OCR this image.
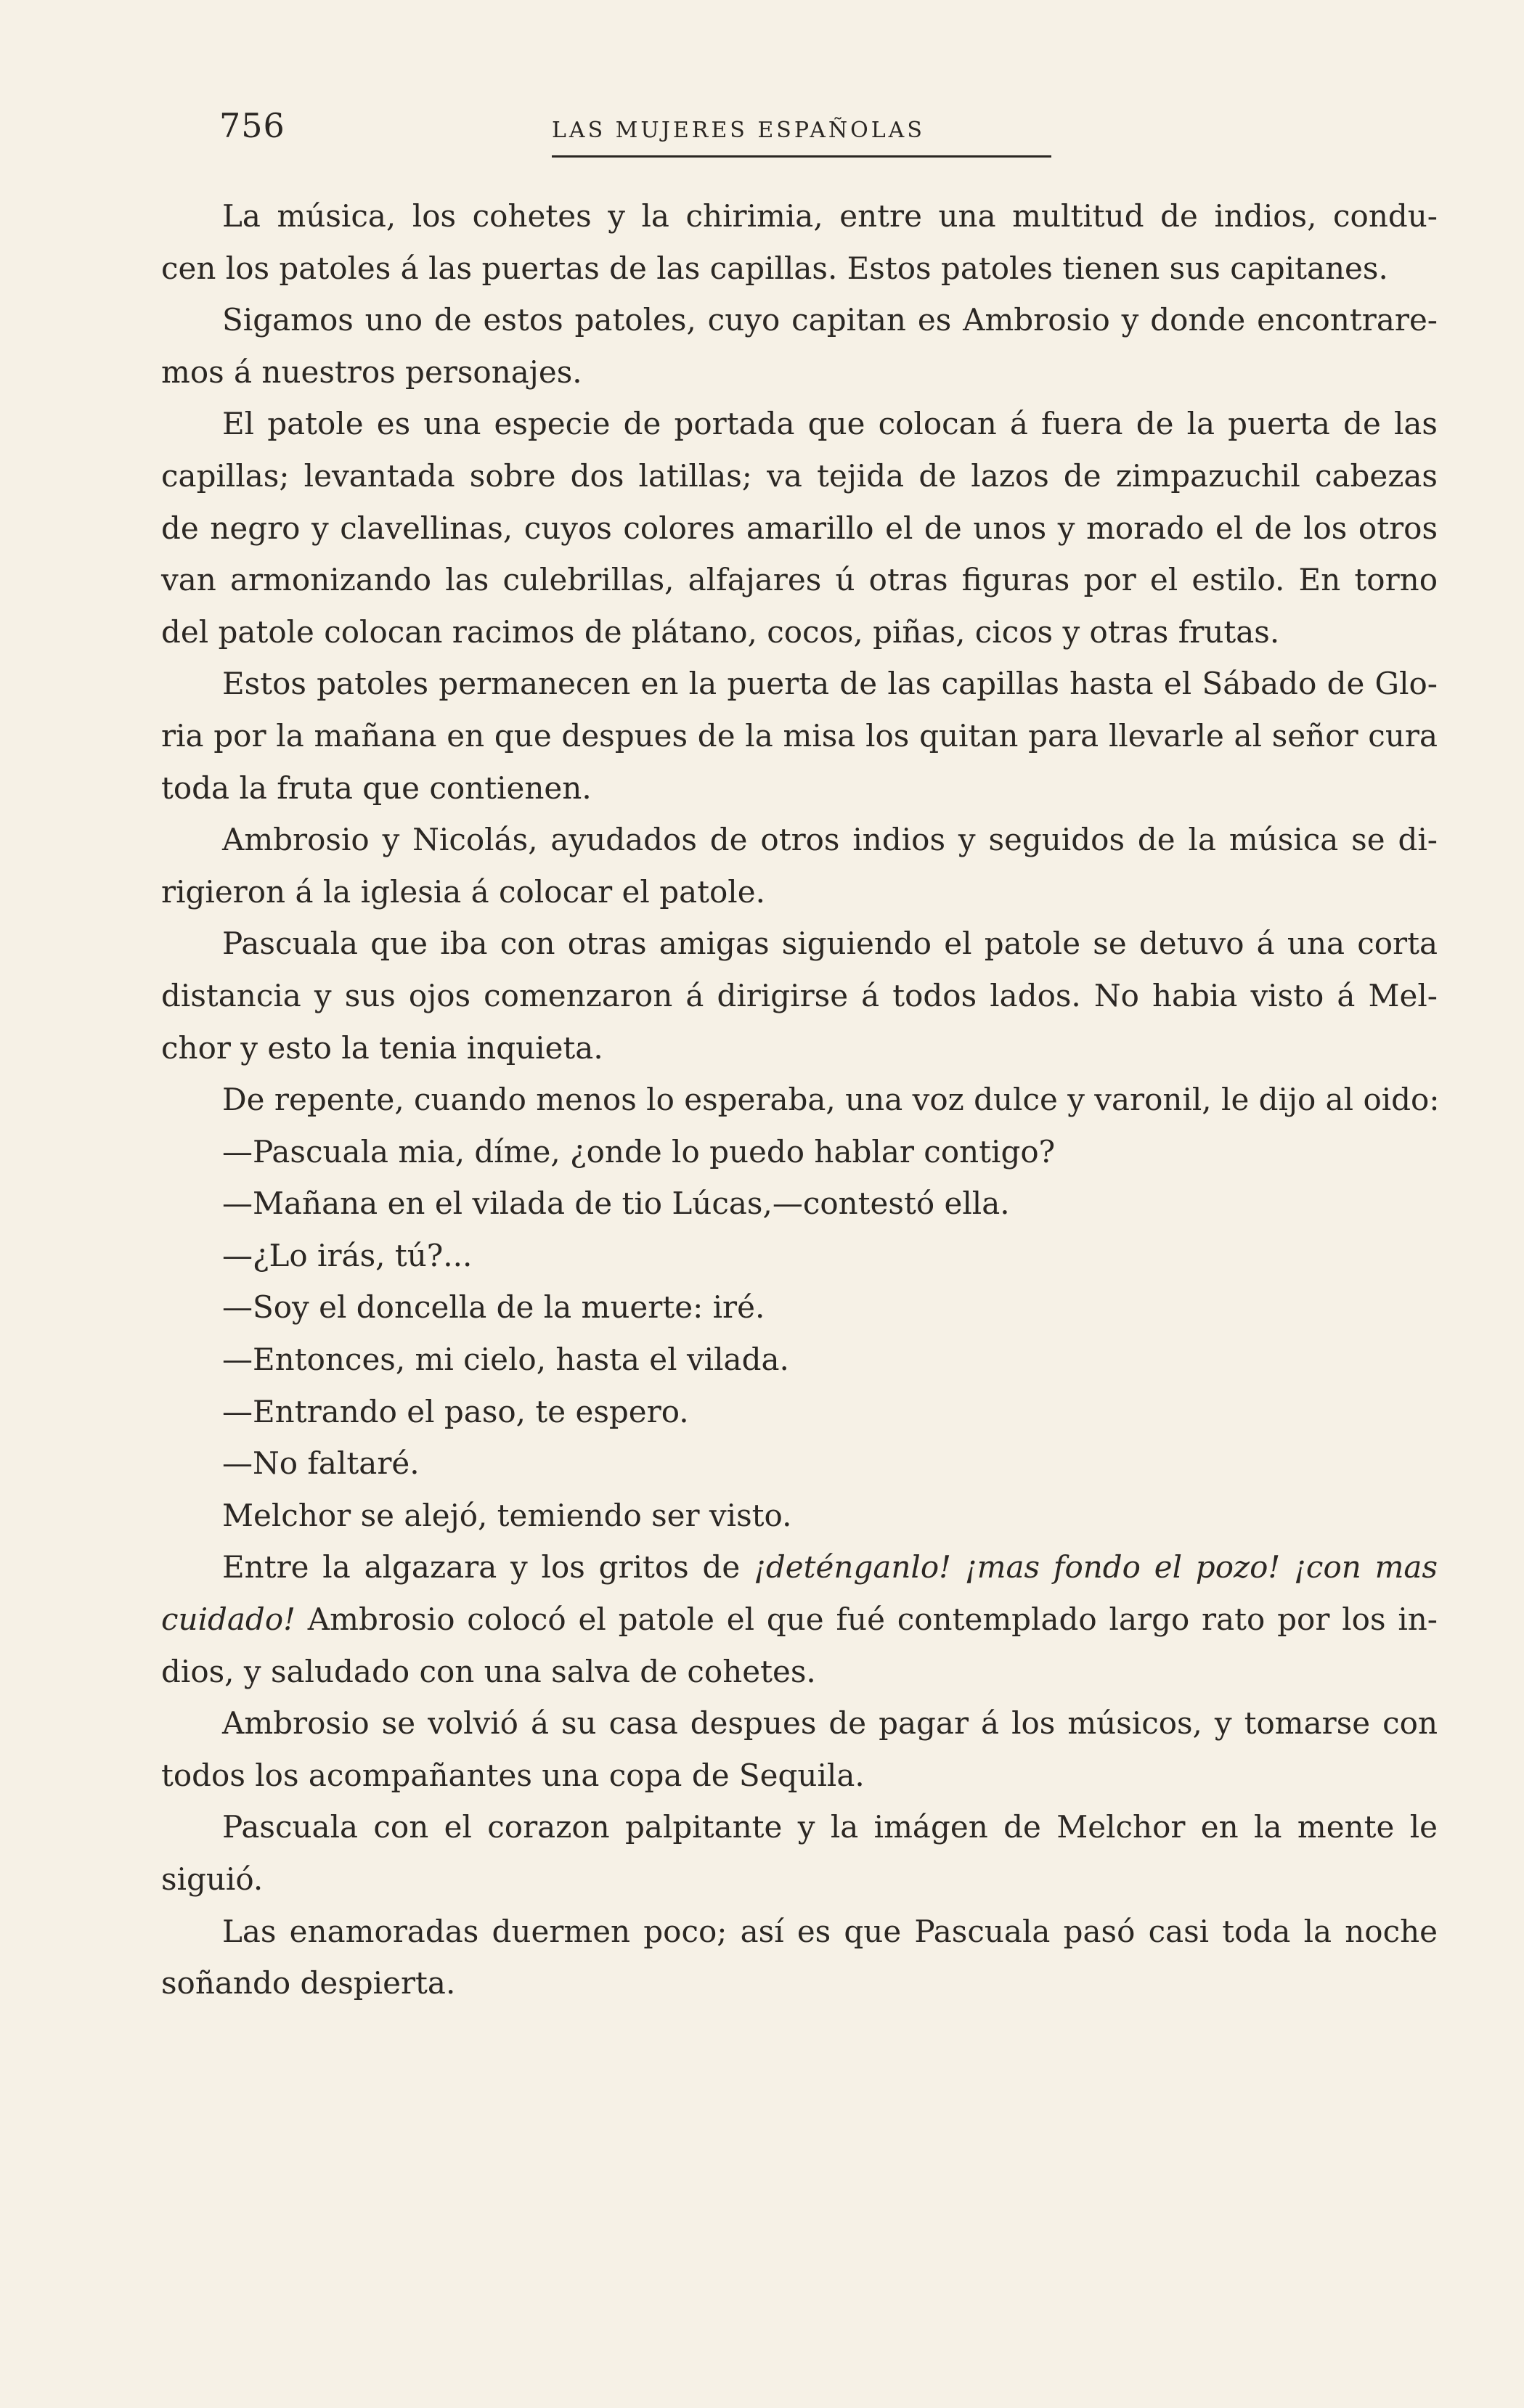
756	LAS MUJERES ESPAÑOLAS
La música, los cohetes y la chirimia, entre una multitud de indios, condu-
cen los patoles á las puertas de las capillas. Estos patoles tienen sus capitanes.
Sigamos uno de estos patoles, cuyo capitan es Ambrosio y donde encontrare-
mos á nuestros personajes.
El patole es una especie de portada que colocan á fuera de la puerta de las
capillas; levantada sobre dos latillas; va tejida de lazos de zimpazuchil cabezas
de negro y clavellinas, cuyos colores amarillo el de unos y morado el de los otros
van armonizando las culebrillas, alfajares ú otras figuras por el estilo. En torno
del patole colocan racimos de plátano, cocos, piñas, cicos y otras frutas.
Estos patoles permanecen en la puerta de las capillas hasta el Sábado de Glo-
ria por la mañana en que despues de la misa los quitan para llevarle al señor cura
toda la fruta que contienen.
Ambrosio y Nicolás, ayudados de otros indios y seguidos de la música se di-
rigieron á la iglesia á colocar el patole.
Pascuala que iba con otras amigas siguiendo el patole se detuvo á una corta
distancia y sus ojos comenzaron á dirigirse á todos lados. No habia visto á Mel-
chor y esto la tenia inquieta.
De repente, cuando menos lo esperaba, una voz dulce y varonil, le dijo al oido:
—Pascuala mia, díme, ¿onde lo puedo hablar contigo?
—Mañana en el vilada de tio Lúcas,—contestó ella.
—¿Lo irás, tú?...
—Soy el doncella de la muerte: iré.
—Entonces, mi cielo, hasta el vilada.
—Entrando el paso, te espero.
—No faltaré.
Melchor se alejó, temiendo ser visto.
Entre la algazara y los gritos de ¡deténganlo! ¡mas fondo el pozo! ¡con mas
cuidado! Ambrosio colocó el patole el que fué contemplado largo rato por los in-
dios, y saludado con una salva de cohetes.
Ambrosio se volvió á su casa despues de pagar á los músicos, y tomarse con
todos los acompañantes una copa de Sequila.
Pascuala con el corazon palpitante y la imágen de Melchor en la mente le
siguió.
Las enamoradas duermen poco; así es que Pascuala pasó casi toda la noche
soñando despierta.
